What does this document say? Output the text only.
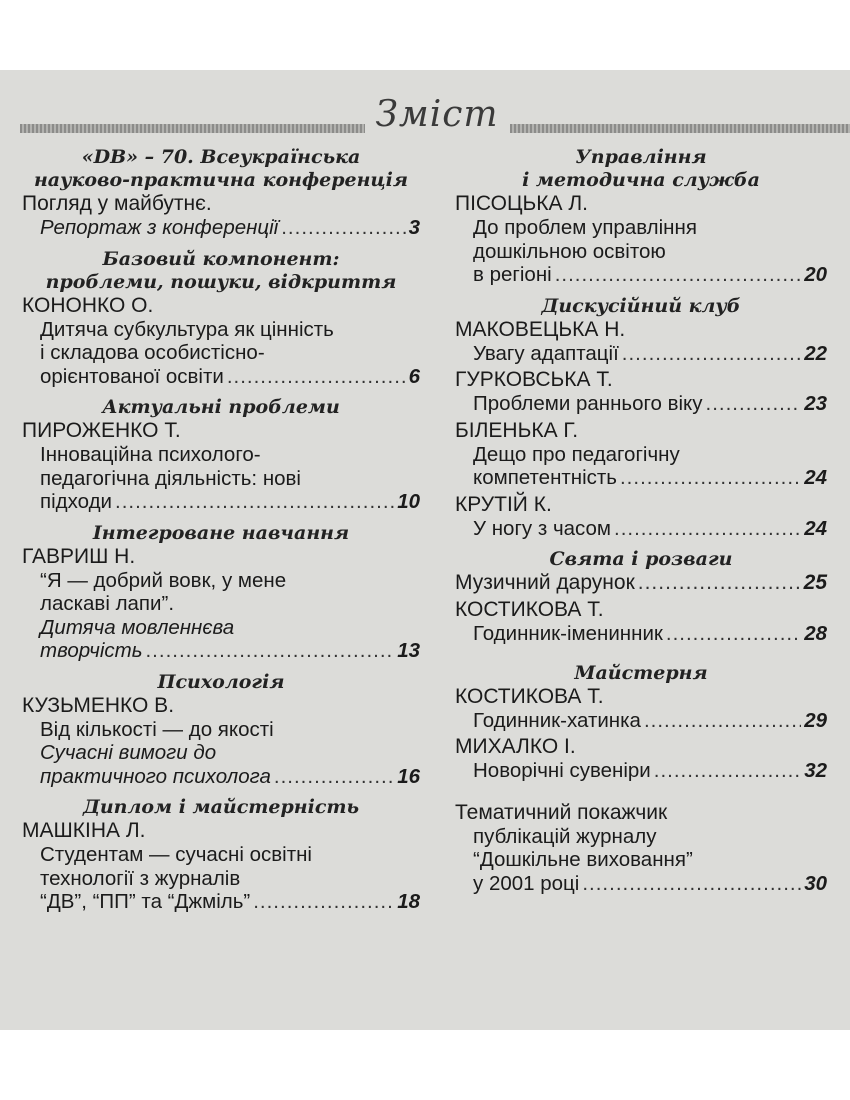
Зміст
«DB» – 70. Всеукраїнська
науково-практична конференція
Погляд у майбутнє.
Репортаж з конференції .....	3
Базовий компонент:
проблеми, пошуки, відкриття
КОНОНКО О.
Дитяча субкультура як цінність
і складова особистісно-
орієнтованої освіти .....	6
Актуальні проблеми
ПИРОЖЕНКО Т.
Інноваційна психолого-
педагогічна діяльність: нові
підходи .....	10
Інтегроване навчання
ГАВРИШ Н.
“Я — добрий вовк, у мене
ласкаві лапи”.
Дитяча мовленнєва
творчість .....	13
Психологія
КУЗЬМЕНКО В.
Від кількості — до якості
Сучасні вимоги до
практичного психолога .....	16
Диплом і майстерність
МАШКІНА Л.
Студентам — сучасні освітні
технології з журналів
“ДВ”, “ПП” та “Джміль” .....	18
Управління
і методична служба
ПІСОЦЬКА Л.
До проблем управління
дошкільною освітою
в регіоні .....	20
Дискусійний клуб
МАКОВЕЦЬКА Н.
Увагу адаптації .....	22
ГУРКОВСЬКА Т.
Проблеми раннього віку .....	23
БІЛЕНЬКА Г.
Дещо про педагогічну
компетентність .....	24
КРУТІЙ К.
У ногу з часом .....	24
Свята і розваги
Музичний дарунок .....	25
КОСТИКОВА Т.
Годинник-іменинник .....	28
Майстерня
КОСТИКОВА Т.
Годинник-хатинка .....	29
МИХАЛКО І.
Новорічні сувеніри .....	32
Тематичний покажчик
публікацій журналу
“Дошкільне виховання”
у 2001 році .....	30
